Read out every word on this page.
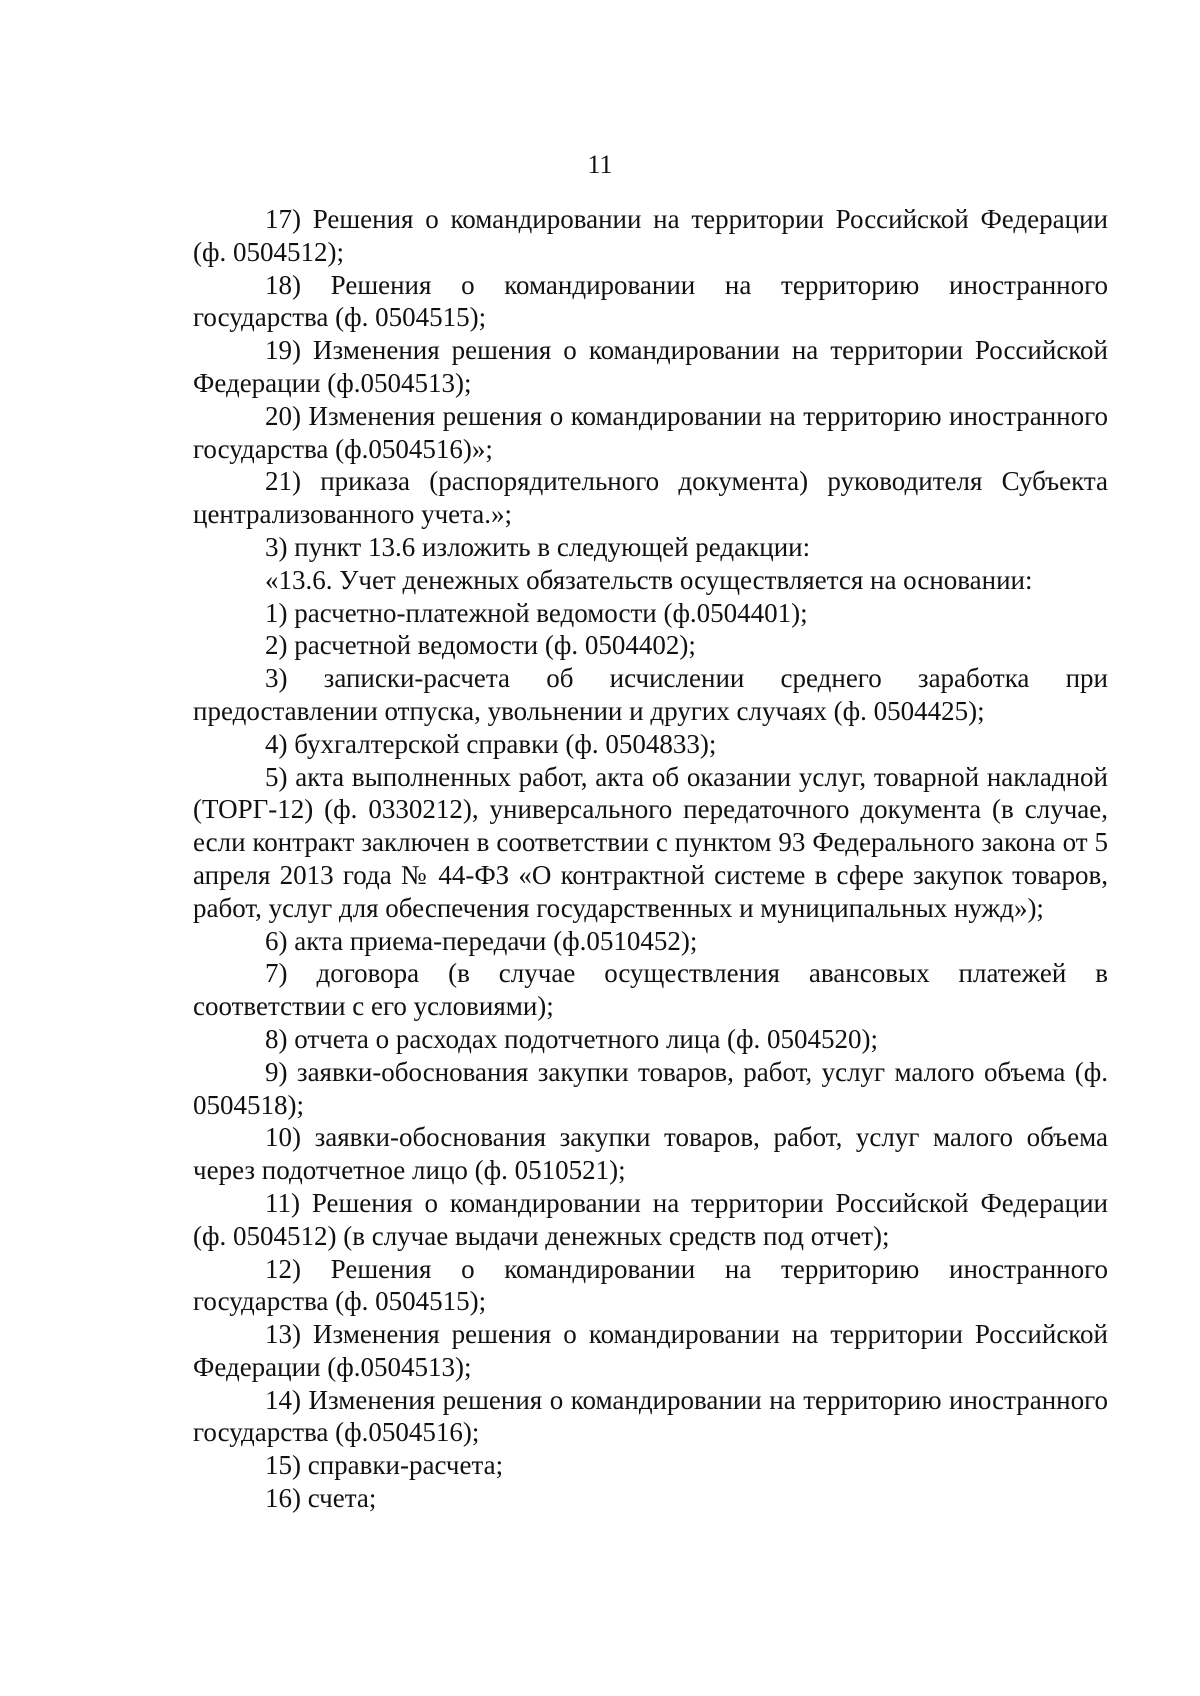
11

17) Решения о командировании на территории Российской Федерации (ф. 0504512);

18) Решения о командировании на территорию иностранного государства (ф. 0504515);

19) Изменения решения о командировании на территории Российской Федерации (ф.0504513);

20) Изменения решения о командировании на территорию иностранного государства (ф.0504516)»;

21) приказа (распорядительного документа) руководителя Субъекта централизованного учета.»;

3) пункт 13.6 изложить в следующей редакции:

«13.6. Учет денежных обязательств осуществляется на основании:

1) расчетно-платежной ведомости (ф.0504401);

2) расчетной ведомости (ф. 0504402);

3) записки-расчета об исчислении среднего заработка при предоставлении отпуска, увольнении и других случаях (ф. 0504425);

4) бухгалтерской справки (ф. 0504833);

5) акта выполненных работ, акта об оказании услуг, товарной накладной (ТОРГ-12) (ф. 0330212), универсального передаточного документа (в случае, если контракт заключен в соответствии с пунктом 93 Федерального закона от 5 апреля 2013 года № 44-ФЗ «О контрактной системе в сфере закупок товаров, работ, услуг для обеспечения государственных и муниципальных нужд»);

6) акта приема-передачи (ф.0510452);

7) договора (в случае осуществления авансовых платежей в соответствии с его условиями);

8) отчета о расходах подотчетного лица (ф. 0504520);

9) заявки-обоснования закупки товаров, работ, услуг малого объема (ф. 0504518);

10) заявки-обоснования закупки товаров, работ, услуг малого объема через подотчетное лицо (ф. 0510521);

11) Решения о командировании на территории Российской Федерации (ф. 0504512) (в случае выдачи денежных средств под отчет);

12) Решения о командировании на территорию иностранного государства (ф. 0504515);

13) Изменения решения о командировании на территории Российской Федерации (ф.0504513);

14) Изменения решения о командировании на территорию иностранного государства (ф.0504516);

15) справки-расчета;

16) счета;
